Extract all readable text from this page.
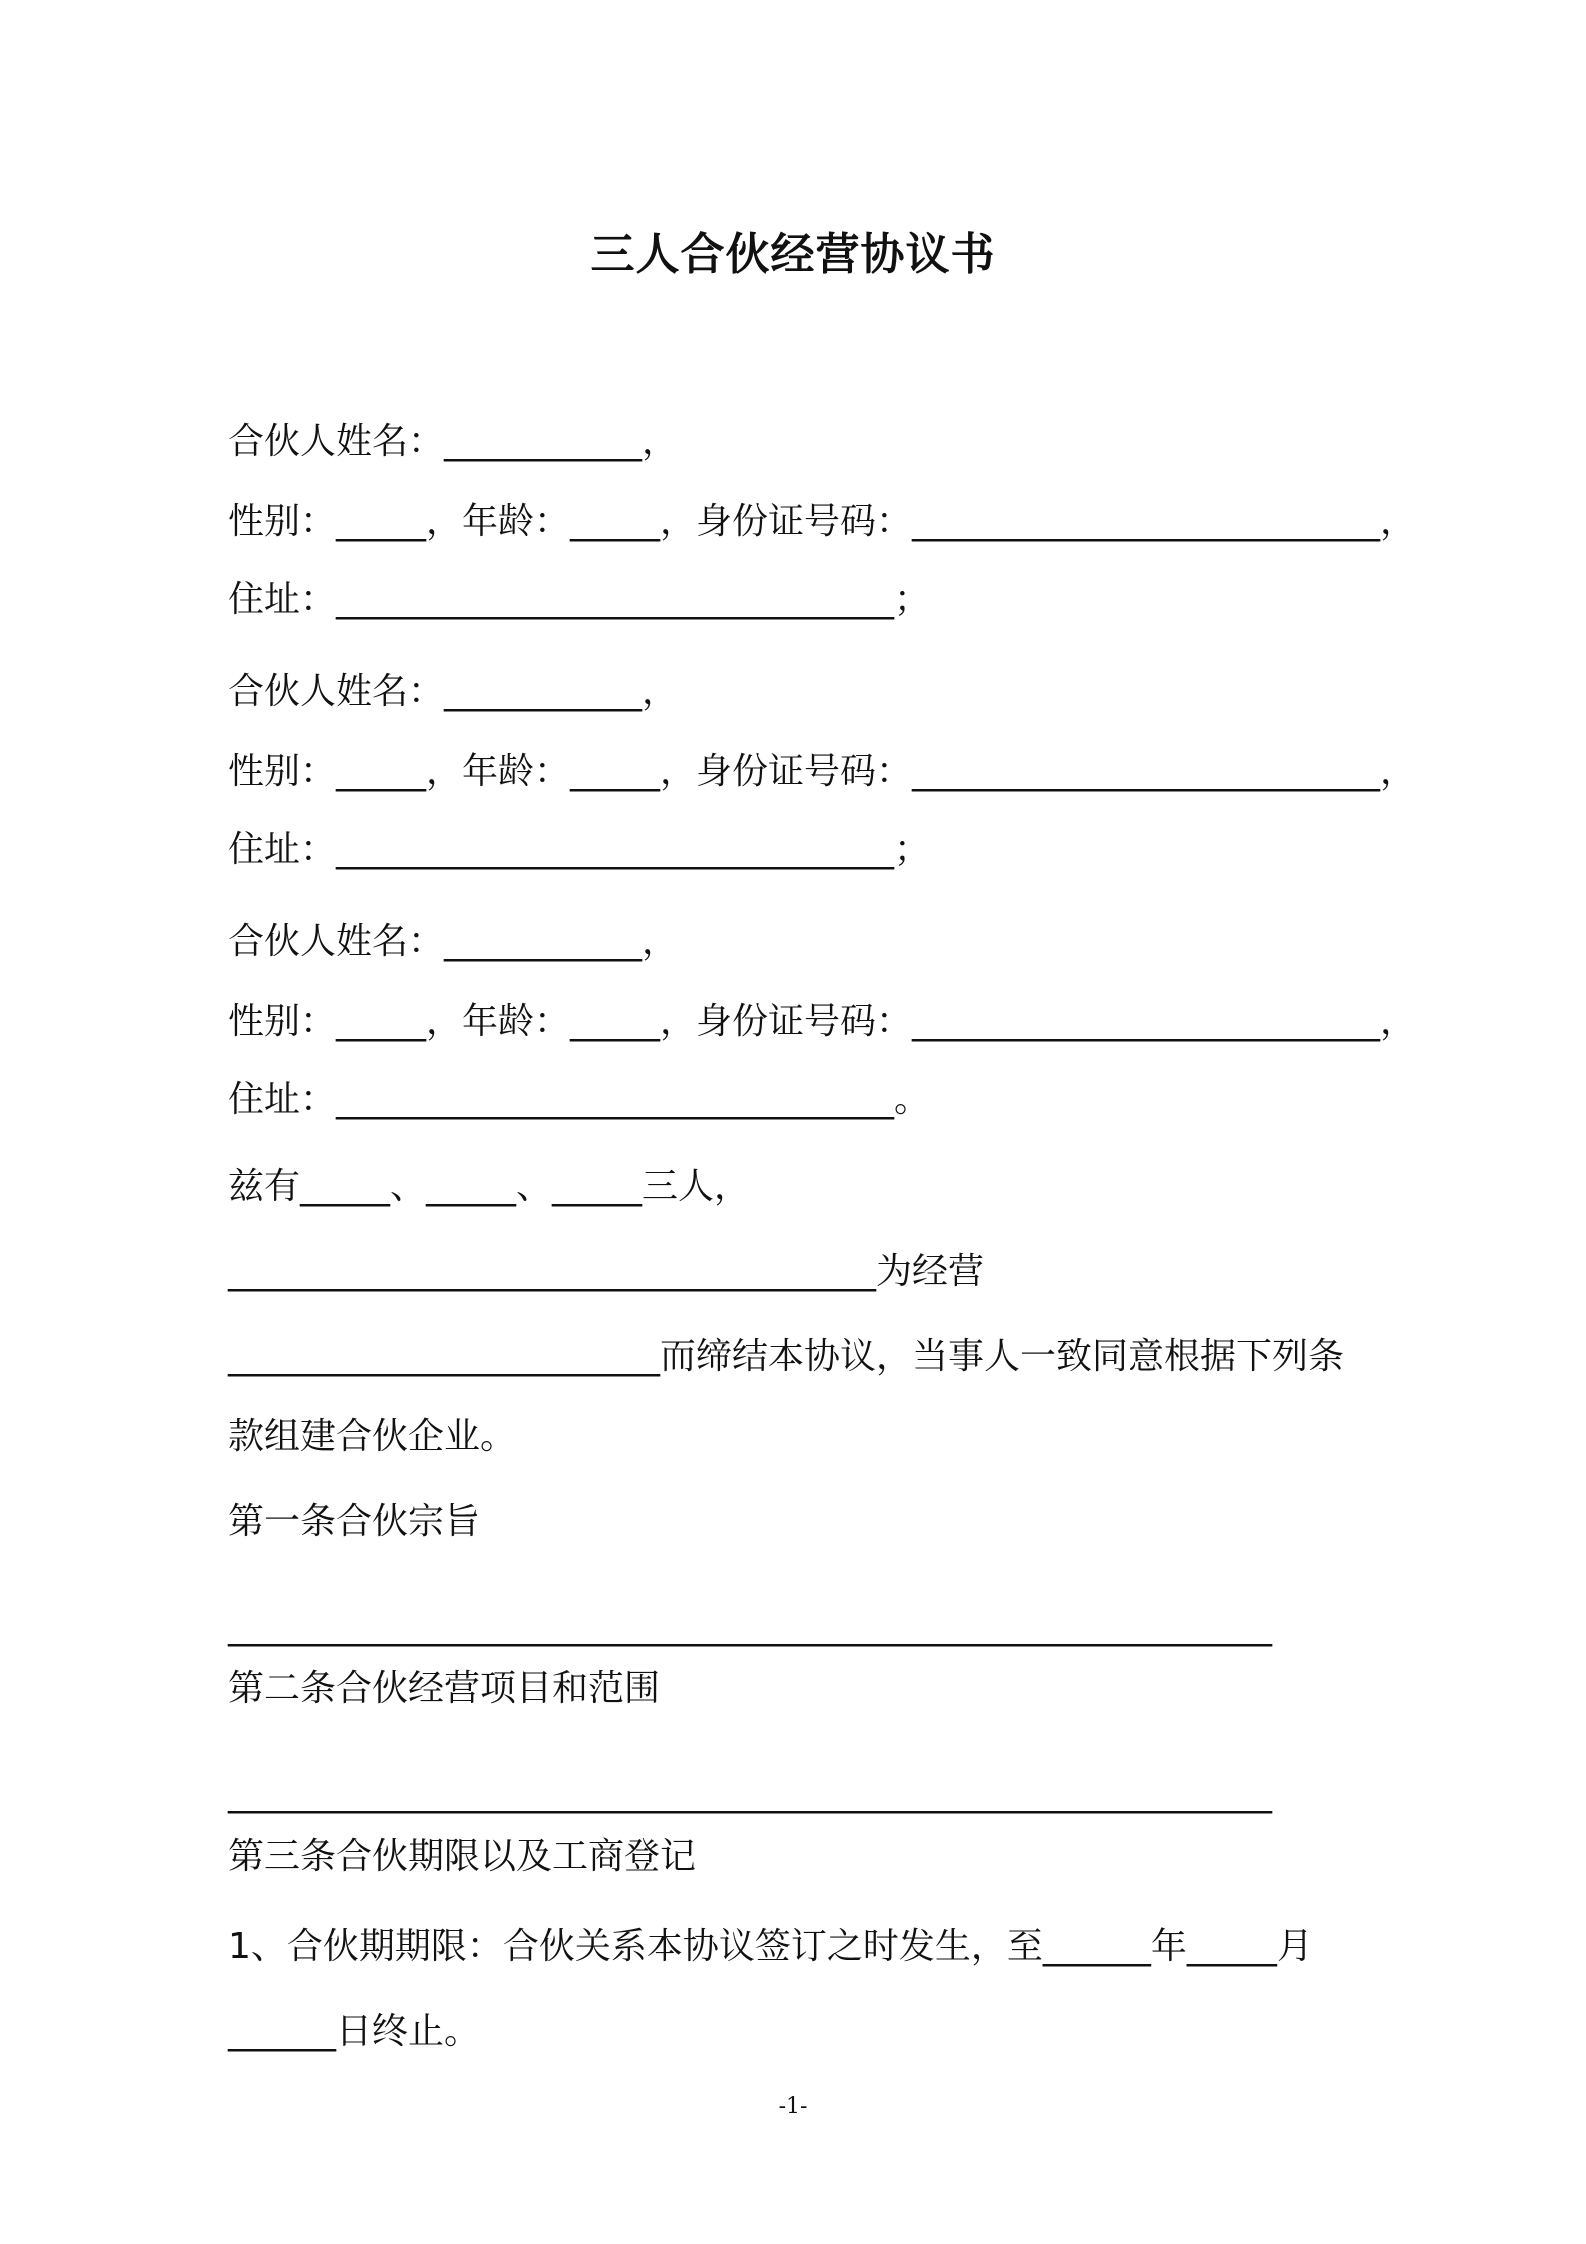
三人合伙经营协议书
合伙人姓名：___________，
性别：_____，年龄：_____，身份证号码：__________________________，
住址：_______________________________；
合伙人姓名：___________，
性别：_____，年龄：_____，身份证号码：__________________________，
住址：_______________________________；
合伙人姓名：___________，
性别：_____，年龄：_____，身份证号码：__________________________，
住址：_______________________________。
兹有_____、_____、_____三人，
____________________________________为经营
________________________而缔结本协议，当事人一致同意根据下列条
款组建合伙企业。
第一条合伙宗旨
__________________________________________________________
第二条合伙经营项目和范围
__________________________________________________________
第三条合伙期限以及工商登记
1、合伙期期限：合伙关系本协议签订之时发生，至______年_____月
______日终止。
-1-
